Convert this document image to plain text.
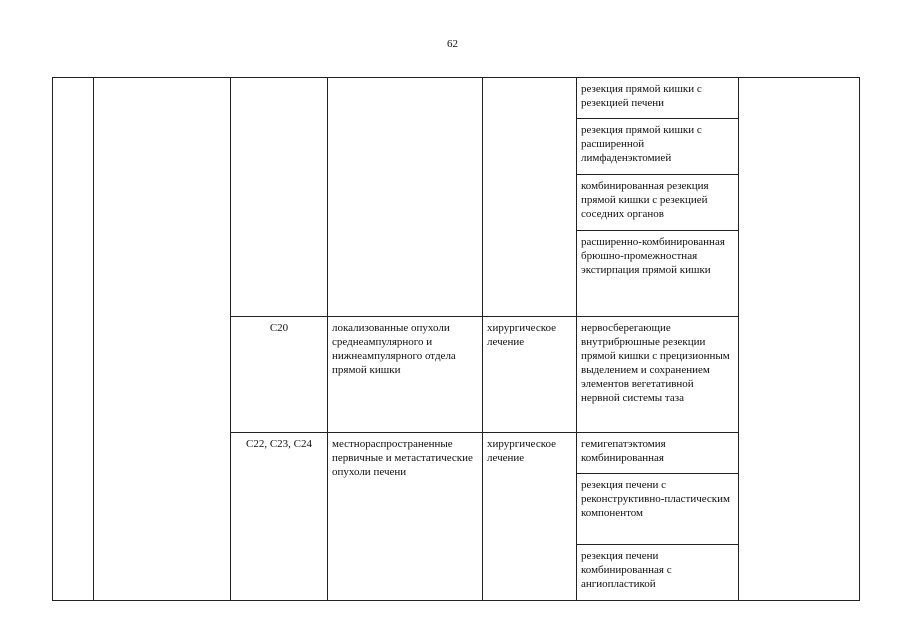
62
					резекция прямой кишки с резекцией печени	
					резекция прямой кишки с расширенной лимфаденэктомией	
					комбинированная резекция прямой кишки с резекцией соседних органов	
					расширенно-комбинированная брюшно-промежностная экстирпация прямой кишки	
		C20	локализованные опухоли среднеампулярного и нижнеампулярного отдела прямой кишки	хирургическое лечение	нервосберегающие внутрибрюшные резекции прямой кишки с прецизионным выделением и сохранением элементов вегетативной нервной системы таза	
		C22, C23, C24	местнораспространенные первичные и метастатические опухоли печени	хирургическое лечение	гемигепатэктомия комбинированная	
					резекция печени с реконструктивно-пластическим компонентом	
					резекция печени комбинированная с ангиопластикой	
